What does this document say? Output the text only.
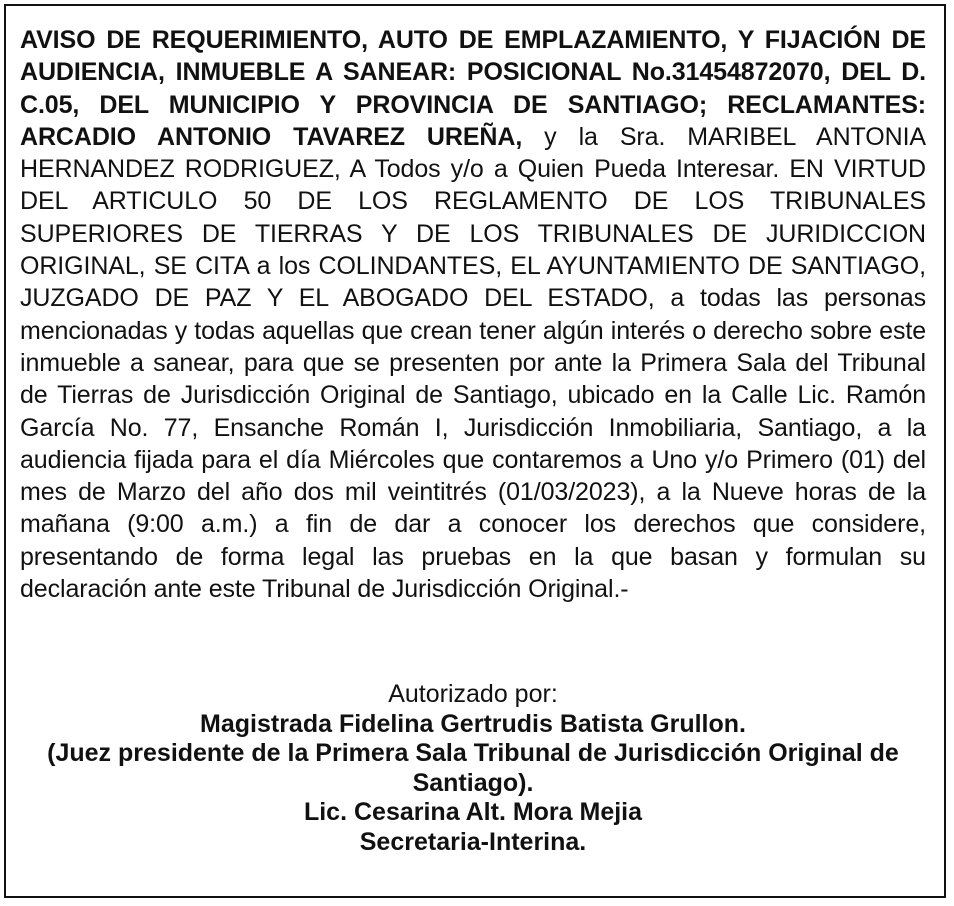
AVISO DE REQUERIMIENTO, AUTO DE EMPLAZAMIENTO, Y FIJACIÓN DE AUDIENCIA, INMUEBLE A SANEAR: POSICIONAL No.31454872070, DEL D. C.05, DEL MUNICIPIO Y PROVINCIA DE SANTIAGO; RECLAMANTES: ARCADIO ANTONIO TAVAREZ UREÑA, y la Sra. MARIBEL ANTONIA HERNANDEZ RODRIGUEZ, A Todos y/o a Quien Pueda Interesar. EN VIRTUD DEL ARTICULO 50 DE LOS REGLAMENTO DE LOS TRIBUNALES SUPERIORES DE TIERRAS Y DE LOS TRIBUNALES DE JURIDICCION ORIGINAL, SE CITA a los COLINDANTES, EL AYUNTAMIENTO DE SANTIAGO, JUZGADO DE PAZ Y EL ABOGADO DEL ESTADO, a todas las personas mencionadas y todas aquellas que crean tener algún interés o derecho sobre este inmueble a sanear, para que se presenten por ante la Primera Sala del Tribunal de Tierras de Jurisdicción Original de Santiago, ubicado en la Calle Lic. Ramón García No. 77, Ensanche Román I, Jurisdicción Inmobiliaria, Santiago, a la audiencia fijada para el día Miércoles que contaremos a Uno y/o Primero (01) del mes de Marzo del año dos mil veintitrés (01/03/2023), a la Nueve horas de la mañana (9:00 a.m.) a fin de dar a conocer los derechos que considere, presentando de forma legal las pruebas en la que basan y formulan su declaración ante este Tribunal de Jurisdicción Original.-

Autorizado por:
Magistrada Fidelina Gertrudis Batista Grullon.
(Juez presidente de la Primera Sala Tribunal de Jurisdicción Original de Santiago).
Lic. Cesarina Alt. Mora Mejia
Secretaria-Interina.
